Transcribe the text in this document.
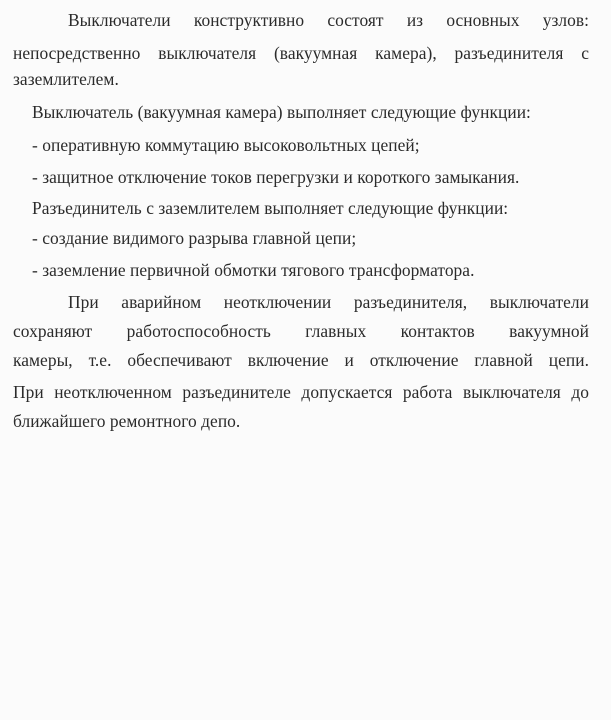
Выключатели конструктивно состоят из основных узлов:
непосредственно выключателя (вакуумная камера), разъединителя с
заземлителем.
Выключатель (вакуумная камера) выполняет следующие функции:
- оперативную коммутацию высоковольтных цепей;
- защитное отключение токов перегрузки и короткого замыкания.
Разъединитель с заземлителем выполняет следующие функции:
- создание видимого разрыва главной цепи;
- заземление первичной обмотки тягового трансформатора.
При аварийном неотключении разъединителя, выключатели
сохраняют работоспособность главных контактов вакуумной
камеры, т.е. обеспечивают включение и отключение главной цепи.
При неотключенном разъединителе допускается работа выключателя до
ближайшего ремонтного депо.
